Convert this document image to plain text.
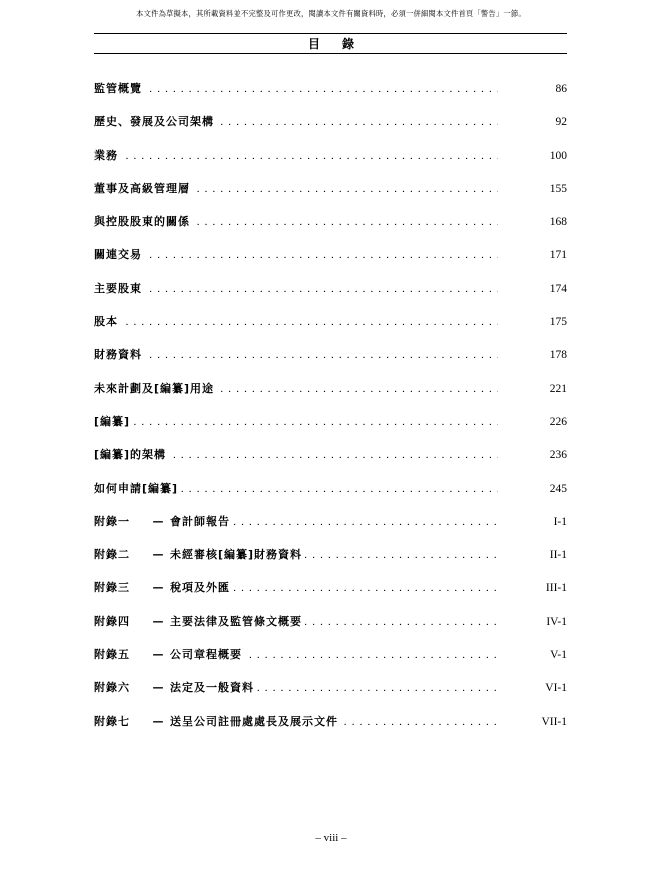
本文件為草擬本，其所載資料並不完整及可作更改，閱讀本文件有關資料時，必須一併細閱本文件首頁「警告」一節。
目 錄
監管概覽 . . .	86
歷史、發展及公司架構 . . .	92
業務 . . .	100
董事及高級管理層 . . .	155
與控股股東的關係 . . .	168
關連交易 . . .	171
主要股東 . . .	174
股本 . . .	175
財務資料 . . .	178
未來計劃及[編纂]用途 . . .	221
[編纂] . . .	226
[編纂]的架構 . . .	236
如何申請[編纂] . . .	245
附錄一	— 會計師報告 . . .	I-1
附錄二	— 未經審核[編纂]財務資料 . . .	II-1
附錄三	— 稅項及外匯 . . .	III-1
附錄四	— 主要法律及監管條文概要 . . .	IV-1
附錄五	— 公司章程概要 . . .	V-1
附錄六	— 法定及一般資料 . . .	VI-1
附錄七	— 送呈公司註冊處處長及展示文件 . . .	VII-1
– viii –
